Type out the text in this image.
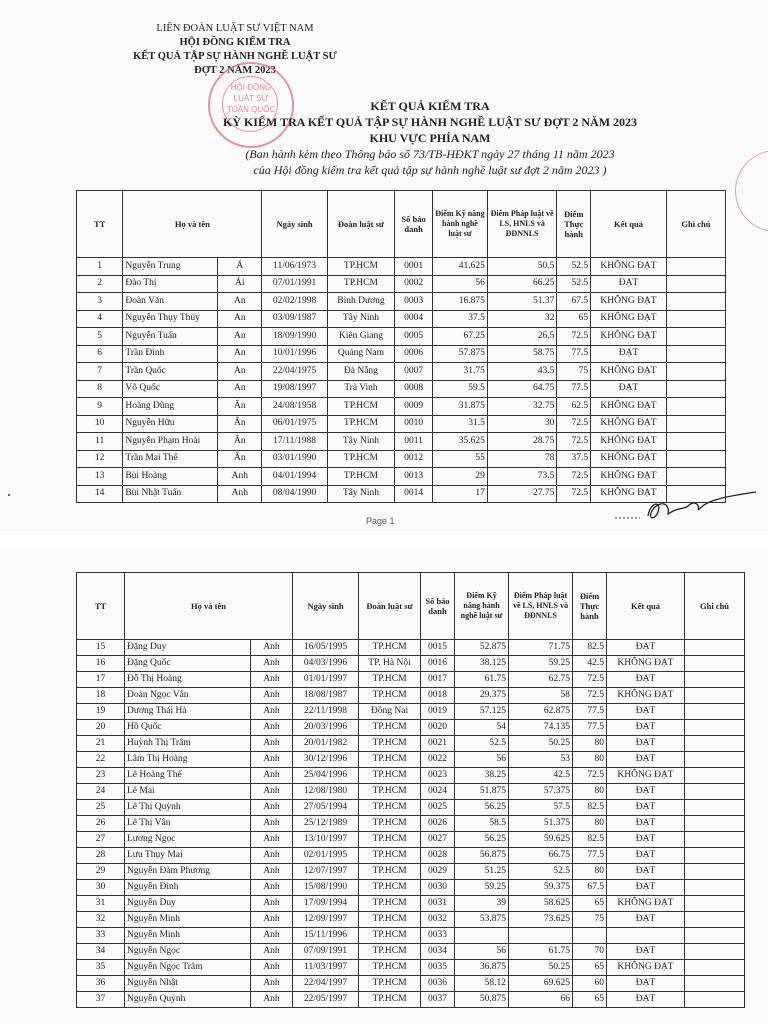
LIÊN ĐOÀN LUẬT SƯ VIỆT NAM
HỘI ĐỒNG KIỂM TRA
KẾT QUẢ TẬP SỰ HÀNH NGHỀ LUẬT SƯ
ĐỢT 2 NĂM 2023
HỘI ĐỒNG
LUẬT SƯ
TOÀN QUỐC	KẾT QUẢ KIỂM TRA
KỲ KIỂM TRA KẾT QUẢ TẬP SỰ HÀNH NGHỀ LUẬT SƯ ĐỢT 2 NĂM 2023
KHU VỰC PHÍA NAM
(Ban hành kèm theo Thông báo số 73/TB-HĐKT ngày 27 tháng 11 năm 2023
của Hội đồng kiểm tra kết quả tập sự hành nghề luật sư đợt 2 năm 2023 )
TT	Họ và tên		Ngày sinh	Đoàn luật sư	Số báo danh	Điểm Kỹ năng hành nghề luật sư	Điểm Pháp luật về LS, HNLS và ĐĐNNLS	Điểm Thực hành	Kết quả	Ghi chú
1	Nguyễn Trung	Á	11/06/1973	TP.HCM	0001	41.625	50.5	52.5	KHÔNG ĐẠT	
2	Đào Thị	Ái	07/01/1991	TP.HCM	0002	56	66.25	52.5	ĐẠT	
3	Đoàn Văn	An	02/02/1998	Bình Dương	0003	16.875	51.37	67.5	KHÔNG ĐẠT	
4	Nguyễn Thụy Thúy	An	03/09/1987	Tây Ninh	0004	37.5	32	65	KHÔNG ĐẠT	
5	Nguyễn Tuấn	An	18/09/1990	Kiên Giang	0005	67.25	26.5	72.5	KHÔNG ĐẠT	
6	Trần Đình	An	10/01/1996	Quảng Nam	0006	57.875	58.75	77.5	ĐẠT	
7	Trần Quốc	An	22/04/1975	Đà Nẵng	0007	31.75	43.5	75	KHÔNG ĐẠT	
8	Võ Quốc	An	19/08/1997	Trà Vinh	0008	59.5	64.75	77.5	ĐẠT	
9	Hoàng Dũng	Ân	24/08/1958	TP.HCM	0009	31.875	32.75	62.5	KHÔNG ĐẠT	
10	Nguyễn Hữu	Ân	06/01/1975	TP.HCM	0010	31.5	30	72.5	KHÔNG ĐẠT	
11	Nguyễn Phạm Hoài	Ân	17/11/1988	Tây Ninh	0011	35.625	28.75	72.5	KHÔNG ĐẠT	
12	Trần Mai Thế	Ân	03/01/1990	TP.HCM	0012	55	78	37.5	KHÔNG ĐẠT	
13	Bùi Hoàng	Anh	04/01/1994	TP.HCM	0013	29	73.5	72.5	KHÔNG ĐẠT	
14	Bùi Nhật Tuấn	Anh	08/04/1990	Tây Ninh	0014	17	27.75	72.5	KHÔNG ĐẠT	
Page 1
TT	Họ và tên		Ngày sinh	Đoàn luật sư	Số báo danh	Điểm Kỹ năng hành nghề luật sư	Điểm Pháp luật về LS, HNLS và ĐĐNNLS	Điểm Thực hành	Kết quả	Ghi chú
15	Đặng Duy	Anh	16/05/1995	TP.HCM	0015	52.875	71.75	82.5	ĐẠT	
16	Đặng Quốc	Anh	04/03/1996	TP. Hà Nội	0016	38.125	59.25	42.5	KHÔNG ĐẠT	
17	Đỗ Thị Hoàng	Anh	01/01/1997	TP.HCM	0017	61.75	62.75	72.5	ĐẠT	
18	Đoàn Ngọc Vân	Anh	18/08/1987	TP.HCM	0018	29.375	58	72.5	KHÔNG ĐẠT	
19	Dương Thái Hà	Anh	22/11/1998	Đồng Nai	0019	57.125	62.875	77.5	ĐẠT	
20	Hồ Quốc	Anh	20/03/1996	TP.HCM	0020	54	74.135	77.5	ĐẠT	
21	Huỳnh Thị Trâm	Anh	20/01/1982	TP.HCM	0021	52.5	50.25	80	ĐẠT	
22	Lâm Thị Hoàng	Anh	30/12/1996	TP.HCM	0022	56	53	80	ĐẠT	
23	Lê Hoàng Thế	Anh	25/04/1996	TP.HCM	0023	38.25	42.5	72.5	KHÔNG ĐẠT	
24	Lê Mai	Anh	12/08/1980	TP.HCM	0024	51.875	57.375	80	ĐẠT	
25	Lê Thị Quỳnh	Anh	27/05/1994	TP.HCM	0025	56.25	57.5	82.5	ĐẠT	
26	Lê Thị Vân	Anh	25/12/1989	TP.HCM	0026	58.5	51.375	80	ĐẠT	
27	Lương Ngọc	Anh	13/10/1997	TP.HCM	0027	56.25	59.625	82.5	ĐẠT	
28	Lưu Thụy Mai	Anh	02/01/1995	TP.HCM	0028	56.875	66.75	77.5	ĐẠT	
29	Nguyễn Đàm Phương	Anh	12/07/1997	TP.HCM	0029	51.25	52.5	80	ĐẠT	
30	Nguyễn Đình	Anh	15/08/1990	TP.HCM	0030	59.25	59.375	67.5	ĐẠT	
31	Nguyễn Duy	Anh	17/09/1994	TP.HCM	0031	39	58.625	65	KHÔNG ĐẠT	
32	Nguyễn Minh	Anh	12/09/1997	TP.HCM	0032	53.875	73.625	75	ĐẠT	
33	Nguyễn Minh	Anh	15/11/1996	TP.HCM	0033					
34	Nguyễn Ngọc	Anh	07/09/1991	TP.HCM	0034	56	61.75	70	ĐẠT	
35	Nguyễn Ngọc Trâm	Anh	11/03/1997	TP.HCM	0035	36.875	50.25	65	KHÔNG ĐẠT	
36	Nguyễn Nhật	Anh	22/04/1997	TP.HCM	0036	58.12	69.625	60	ĐẠT	
37	Nguyễn Quỳnh	Anh	22/05/1997	TP.HCM	0037	50.875	66	65	ĐẠT	
